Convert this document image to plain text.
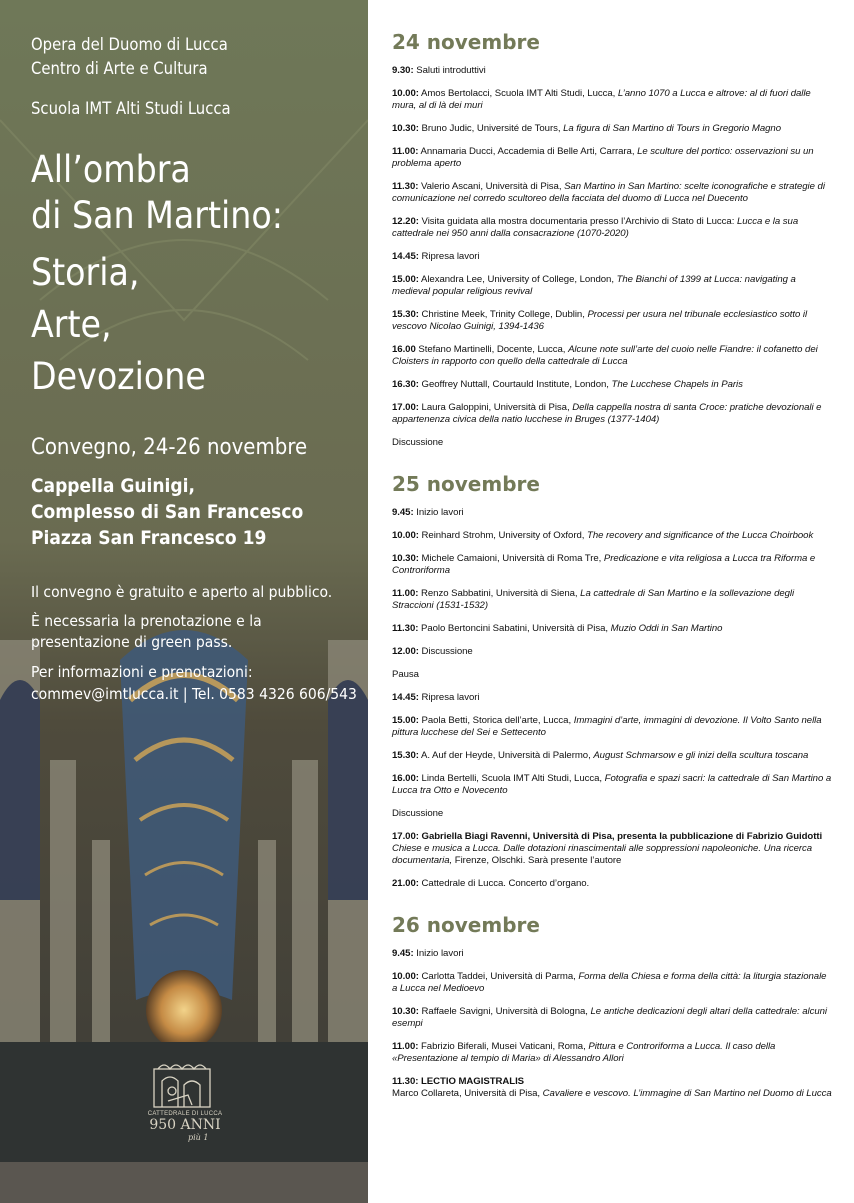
Opera del Duomo di Lucca
Centro di Arte e Cultura
Scuola IMT Alti Studi Lucca
All’ombra
di San Martino:
Storia,
Arte,
Devozione
Convegno, 24-26 novembre
Cappella Guinigi,
Complesso di San Francesco
Piazza San Francesco 19
Il convegno è gratuito e aperto al pubblico.
È necessaria la prenotazione e la
presentazione di green pass.
Per informazioni e prenotazioni:
commev@imtlucca.it | Tel. 0583 4326 606/543
CATTEDRALE DI LUCCA
950 ANNI
più 1
24 novembre
9.30: Saluti introduttivi
10.00: Amos Bertolacci, Scuola IMT Alti Studi, Lucca, L’anno 1070 a Lucca e altrove: al di fuori dalle mura, al di là dei muri
10.30: Bruno Judic, Université de Tours, La figura di San Martino di Tours in Gregorio Magno
11.00: Annamaria Ducci, Accademia di Belle Arti, Carrara, Le sculture del portico: osservazioni su un problema aperto
11.30: Valerio Ascani, Università di Pisa, San Martino in San Martino: scelte iconografiche e strategie di comunicazione nel corredo scultoreo della facciata del duomo di Lucca nel Duecento
12.20: Visita guidata alla mostra documentaria presso l’Archivio di Stato di Lucca: Lucca e la sua cattedrale nei 950 anni dalla consacrazione (1070-2020)
14.45: Ripresa lavori
15.00: Alexandra Lee, University of College, London, The Bianchi of 1399 at Lucca: navigating a medieval popular religious revival
15.30: Christine Meek, Trinity College, Dublin, Processi per usura nel tribunale ecclesiastico sotto il vescovo Nicolao Guinigi, 1394-1436
16.00 Stefano Martinelli, Docente, Lucca, Alcune note sull’arte del cuoio nelle Fiandre: il cofanetto dei Cloisters in rapporto con quello della cattedrale di Lucca
16.30: Geoffrey Nuttall, Courtauld Institute, London, The Lucchese Chapels in Paris
17.00: Laura Galoppini, Università di Pisa, Della cappella nostra di santa Croce: pratiche devozionali e appartenenza civica della natio lucchese in Bruges (1377-1404)
Discussione
25 novembre
9.45: Inizio lavori
10.00: Reinhard Strohm, University of Oxford, The recovery and significance of the Lucca Choirbook
10.30: Michele Camaioni, Università di Roma Tre, Predicazione e vita religiosa a Lucca tra Riforma e Controriforma
11.00: Renzo Sabbatini, Università di Siena, La cattedrale di San Martino e la sollevazione degli Straccioni (1531-1532)
11.30: Paolo Bertoncini Sabatini, Università di Pisa, Muzio Oddi in San Martino
12.00: Discussione
Pausa
14.45: Ripresa lavori
15.00: Paola Betti, Storica dell’arte, Lucca, Immagini d’arte, immagini di devozione. Il Volto Santo nella pittura lucchese del Sei e Settecento
15.30: A. Auf der Heyde, Università di Palermo, August Schmarsow e gli inizi della scultura toscana
16.00: Linda Bertelli, Scuola IMT Alti Studi, Lucca, Fotografia e spazi sacri: la cattedrale di San Martino a Lucca tra Otto e Novecento
Discussione
17.00: Gabriella Biagi Ravenni, Università di Pisa, presenta la pubblicazione di Fabrizio Guidotti Chiese e musica a Lucca. Dalle dotazioni rinascimentali alle soppressioni napoleoniche. Una ricerca documentaria, Firenze, Olschki. Sarà presente l’autore
21.00: Cattedrale di Lucca. Concerto d’organo.
26 novembre
9.45: Inizio lavori
10.00: Carlotta Taddei, Università di Parma, Forma della Chiesa e forma della città: la liturgia stazionale a Lucca nel Medioevo
10.30: Raffaele Savigni, Università di Bologna, Le antiche dedicazioni degli altari della cattedrale: alcuni esempi
11.00: Fabrizio Biferali, Musei Vaticani, Roma, Pittura e Controriforma a Lucca. Il caso della «Presentazione al tempio di Maria» di Alessandro Allori
11.30: LECTIO MAGISTRALIS
Marco Collareta, Università di Pisa, Cavaliere e vescovo. L’immagine di San Martino nel Duomo di Lucca
